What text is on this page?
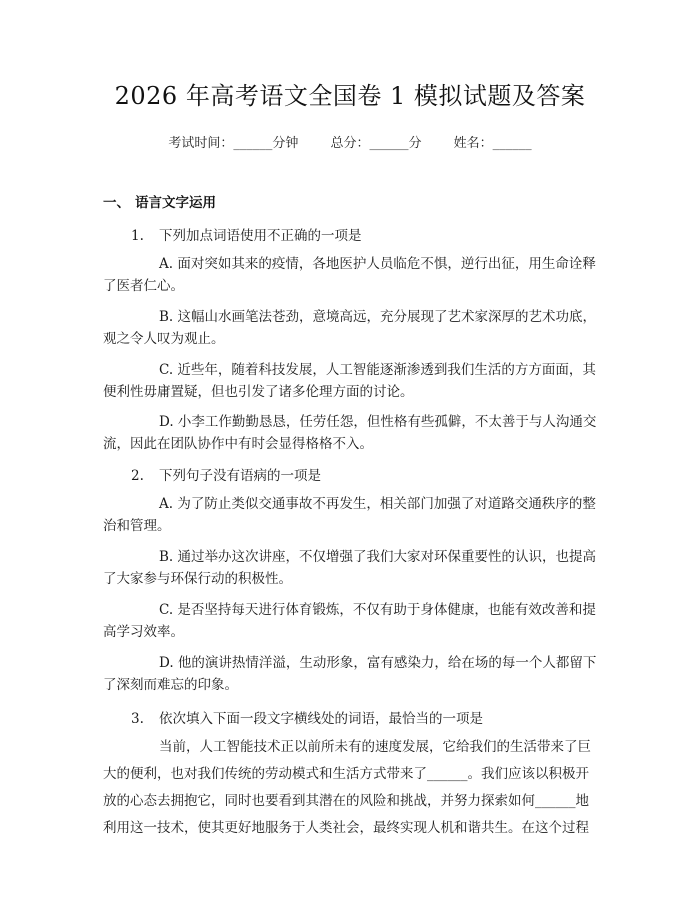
2026 年高考语文全国卷 1 模拟试题及答案
考试时间：______分钟 总分：______分 姓名：______
一、 语言文字运用
1. 下列加点词语使用不正确的一项是
A. 面对突如其来的疫情，各地医护人员临危不惧，逆行出征，用生命诠释了医者仁心。
B. 这幅山水画笔法苍劲，意境高远，充分展现了艺术家深厚的艺术功底，观之令人叹为观止。
C. 近些年，随着科技发展，人工智能逐渐渗透到我们生活的方方面面，其便利性毋庸置疑，但也引发了诸多伦理方面的讨论。
D. 小李工作勤勤恳恳，任劳任怨，但性格有些孤僻，不太善于与人沟通交流，因此在团队协作中有时会显得格格不入。
2. 下列句子没有语病的一项是
A. 为了防止类似交通事故不再发生，相关部门加强了对道路交通秩序的整治和管理。
B. 通过举办这次讲座，不仅增强了我们大家对环保重要性的认识，也提高了大家参与环保行动的积极性。
C. 是否坚持每天进行体育锻炼，不仅有助于身体健康，也能有效改善和提高学习效率。
D. 他的演讲热情洋溢，生动形象，富有感染力，给在场的每一个人都留下了深刻而难忘的印象。
3. 依次填入下面一段文字横线处的词语，最恰当的一项是
当前，人工智能技术正以前所未有的速度发展，它给我们的生活带来了巨大的便利，也对我们传统的劳动模式和生活方式带来了______。我们应该以积极开放的心态去拥抱它，同时也要看到其潜在的风险和挑战，并努力探索如何______地利用这一技术，使其更好地服务于人类社会，最终实现人机和谐共生。在这个过程
